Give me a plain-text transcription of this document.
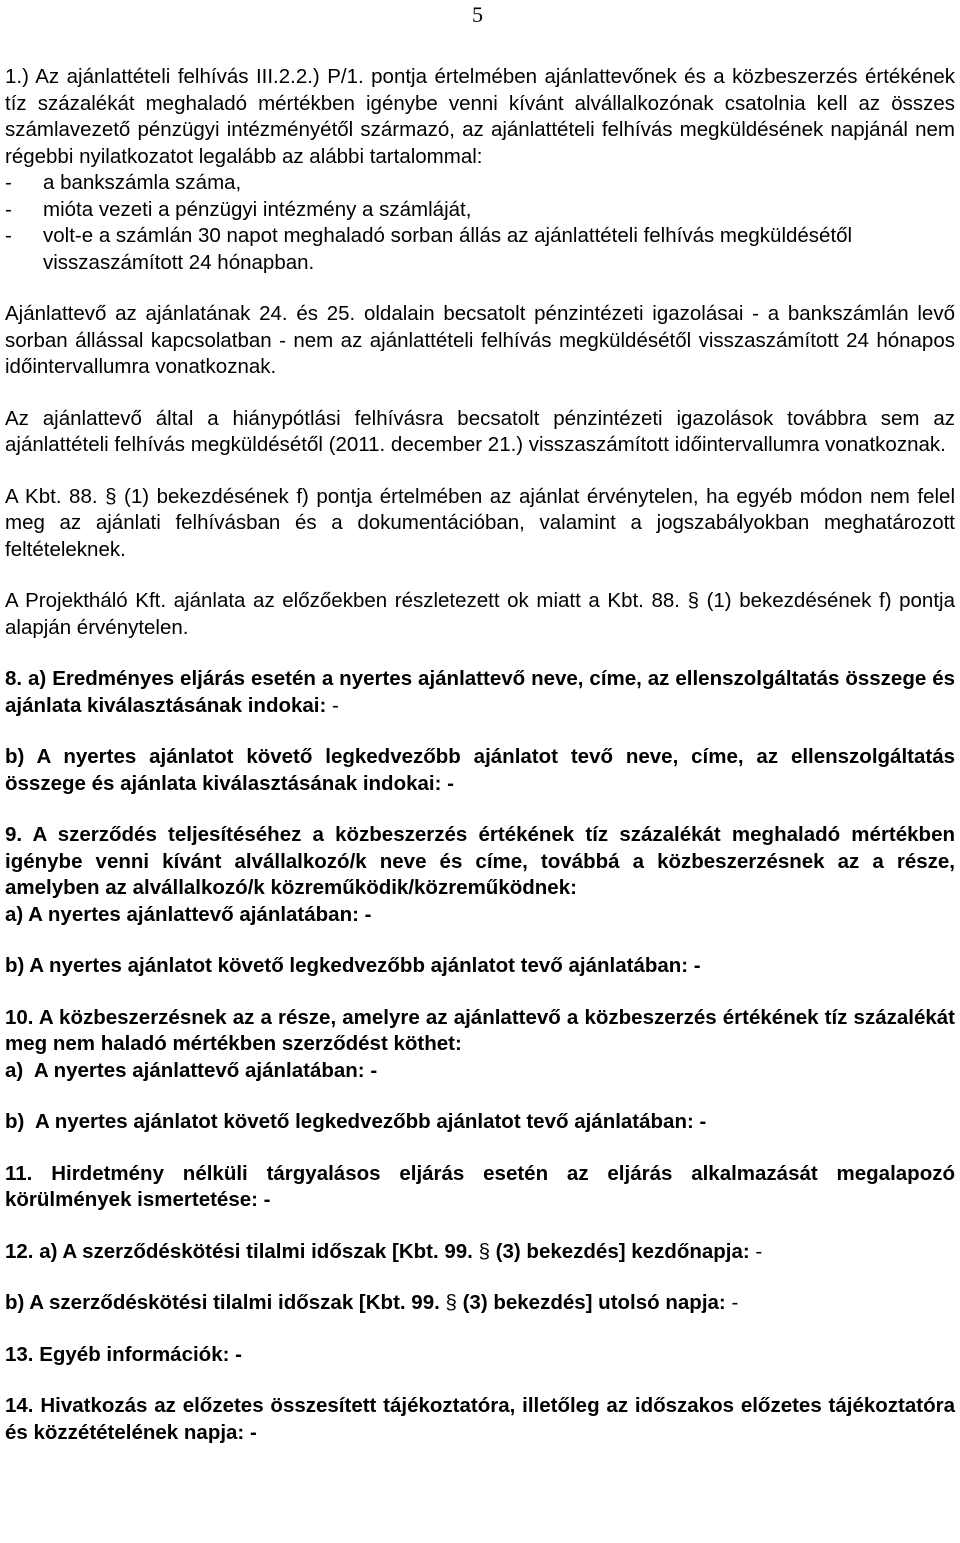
5

1.) Az ajánlattételi felhívás III.2.2.) P/1. pontja értelmében ajánlattevőnek és a közbeszerzés értékének tíz százalékát meghaladó mértékben igénybe venni kívánt alvállalkozónak csatolnia kell az összes számlavezető pénzügyi intézményétől származó, az ajánlattételi felhívás megküldésének napjánál nem régebbi nyilatkozatot legalább az alábbi tartalommal:

-	a bankszámla száma,
-	mióta vezeti a pénzügyi intézmény a számláját,
-	volt-e a számlán 30 napot meghaladó sorban állás az ajánlattételi felhívás megküldésétől visszaszámított 24 hónapban.

Ajánlattevő az ajánlatának 24. és 25. oldalain becsatolt pénzintézeti igazolásai - a bankszámlán levő sorban állással kapcsolatban - nem az ajánlattételi felhívás megküldésétől visszaszámított 24 hónapos időintervallumra vonatkoznak.

Az ajánlattevő által a hiánypótlási felhívásra becsatolt pénzintézeti igazolások továbbra sem az ajánlattételi felhívás megküldésétől (2011. december 21.) visszaszámított időintervallumra vonatkoznak.

A Kbt. 88. § (1) bekezdésének f) pontja értelmében az ajánlat érvénytelen, ha egyéb módon nem felel meg az ajánlati felhívásban és a dokumentációban, valamint a jogszabályokban meghatározott feltételeknek.

A Projektháló Kft. ajánlata az előzőekben részletezett ok miatt a Kbt. 88. § (1) bekezdésének f) pontja alapján érvénytelen.

8. a) Eredményes eljárás esetén a nyertes ajánlattevő neve, címe, az ellenszolgáltatás összege és ajánlata kiválasztásának indokai: -

b) A nyertes ajánlatot követő legkedvezőbb ajánlatot tevő neve, címe, az ellenszolgáltatás összege és ajánlata kiválasztásának indokai: -

9. A szerződés teljesítéséhez a közbeszerzés értékének tíz százalékát meghaladó mértékben igénybe venni kívánt alvállalkozó/k neve és címe, továbbá a közbeszerzésnek az a része, amelyben az alvállalkozó/k közreműködik/közreműködnek:

a) A nyertes ajánlattevő ajánlatában: -

b) A nyertes ajánlatot követő legkedvezőbb ajánlatot tevő ajánlatában: -

10. A közbeszerzésnek az a része, amelyre az ajánlattevő a közbeszerzés értékének tíz százalékát meg nem haladó mértékben szerződést köthet:

a)  A nyertes ajánlattevő ajánlatában: -

b)  A nyertes ajánlatot követő legkedvezőbb ajánlatot tevő ajánlatában: -

11. Hirdetmény nélküli tárgyalásos eljárás esetén az eljárás alkalmazását megalapozó körülmények ismertetése: -

12. a) A szerződéskötési tilalmi időszak [Kbt. 99. § (3) bekezdés] kezdőnapja: -

b) A szerződéskötési tilalmi időszak [Kbt. 99. § (3) bekezdés] utolsó napja: -

13. Egyéb információk: -

14. Hivatkozás az előzetes összesített tájékoztatóra, illetőleg az időszakos előzetes tájékoztatóra és közzétételének napja: -
